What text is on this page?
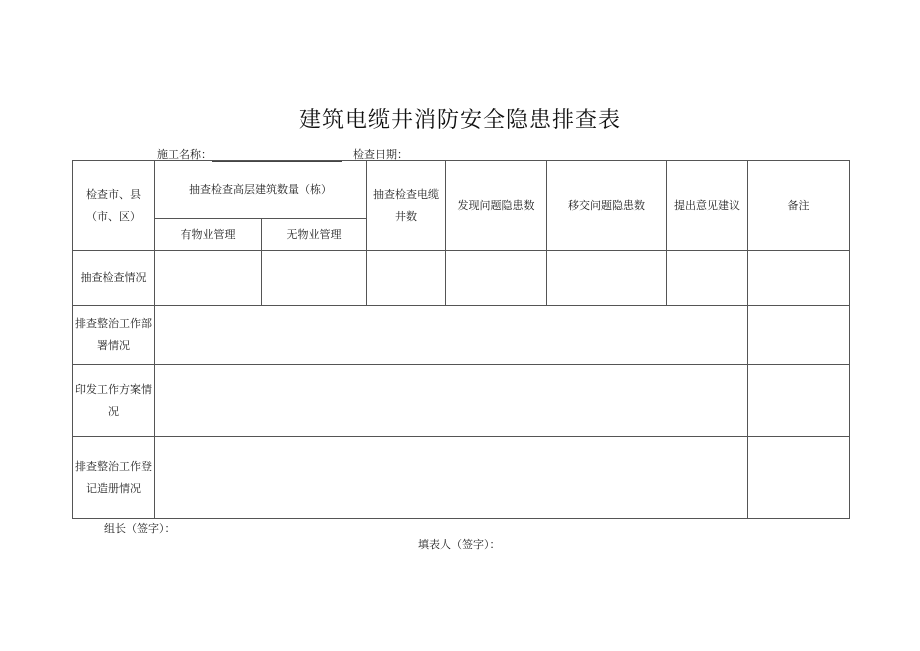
建筑电缆井消防安全隐患排查表
施工名称：	检查日期：
检查市、县（市、区）	抽查检查高层建筑数量（栋）		抽查检查电缆井数	发现问题隐患数	移交问题隐患数	提出意见建议	备注
	有物业管理	无物业管理					
抽查检查情况							
排查整治工作部署情况							
印发工作方案情况							
排查整治工作登记造册情况							
组长（签字）：
填表人（签字）：
